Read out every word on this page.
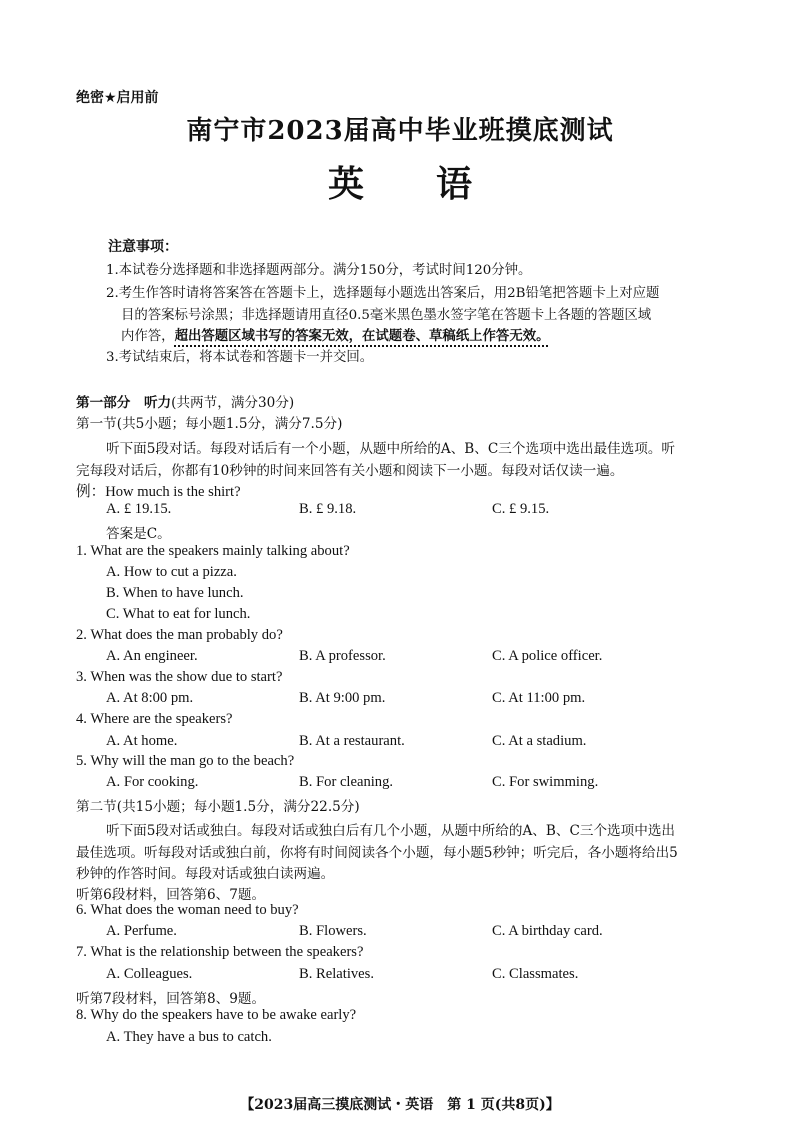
绝密★启用前
南宁市2023届高中毕业班摸底测试
英 语
注意事项：
1.本试卷分选择题和非选择题两部分。满分150分，考试时间120分钟。
2.考生作答时请将答案答在答题卡上，选择题每小题选出答案后，用2B铅笔把答题卡上对应题
目的答案标号涂黑；非选择题请用直径0.5毫米黑色墨水签字笔在答题卡上各题的答题区域
内作答，超出答题区域书写的答案无效，在试题卷、草稿纸上作答无效。
3.考试结束后，将本试卷和答题卡一并交回。
第一部分　听力(共两节，满分30分)
第一节(共5小题；每小题1.5分，满分7.5分)
听下面5段对话。每段对话后有一个小题，从题中所给的A、B、C三个选项中选出最佳选项。听
完每段对话后，你都有10秒钟的时间来回答有关小题和阅读下一小题。每段对话仅读一遍。
例：How much is the shirt?
A. £ 19.15.	B. £ 9.18.	C. £ 9.15.
答案是C。
1. What are the speakers mainly talking about?
A. How to cut a pizza.
B. When to have lunch.
C. What to eat for lunch.
2. What does the man probably do?
A. An engineer.	B. A professor.	C. A police officer.
3. When was the show due to start?
A. At 8:00 pm.	B. At 9:00 pm.	C. At 11:00 pm.
4. Where are the speakers?
A. At home.	B. At a restaurant.	C. At a stadium.
5. Why will the man go to the beach?
A. For cooking.	B. For cleaning.	C. For swimming.
第二节(共15小题；每小题1.5分，满分22.5分)
听下面5段对话或独白。每段对话或独白后有几个小题，从题中所给的A、B、C三个选项中选出
最佳选项。听每段对话或独白前，你将有时间阅读各个小题，每小题5秒钟；听完后，各小题将给出5
秒钟的作答时间。每段对话或独白读两遍。
听第6段材料，回答第6、7题。
6. What does the woman need to buy?
A. Perfume.	B. Flowers.	C. A birthday card.
7. What is the relationship between the speakers?
A. Colleagues.	B. Relatives.	C. Classmates.
听第7段材料，回答第8、9题。
8. Why do the speakers have to be awake early?
A. They have a bus to catch.
【2023届高三摸底测试・英语　第 1 页(共8页)】
